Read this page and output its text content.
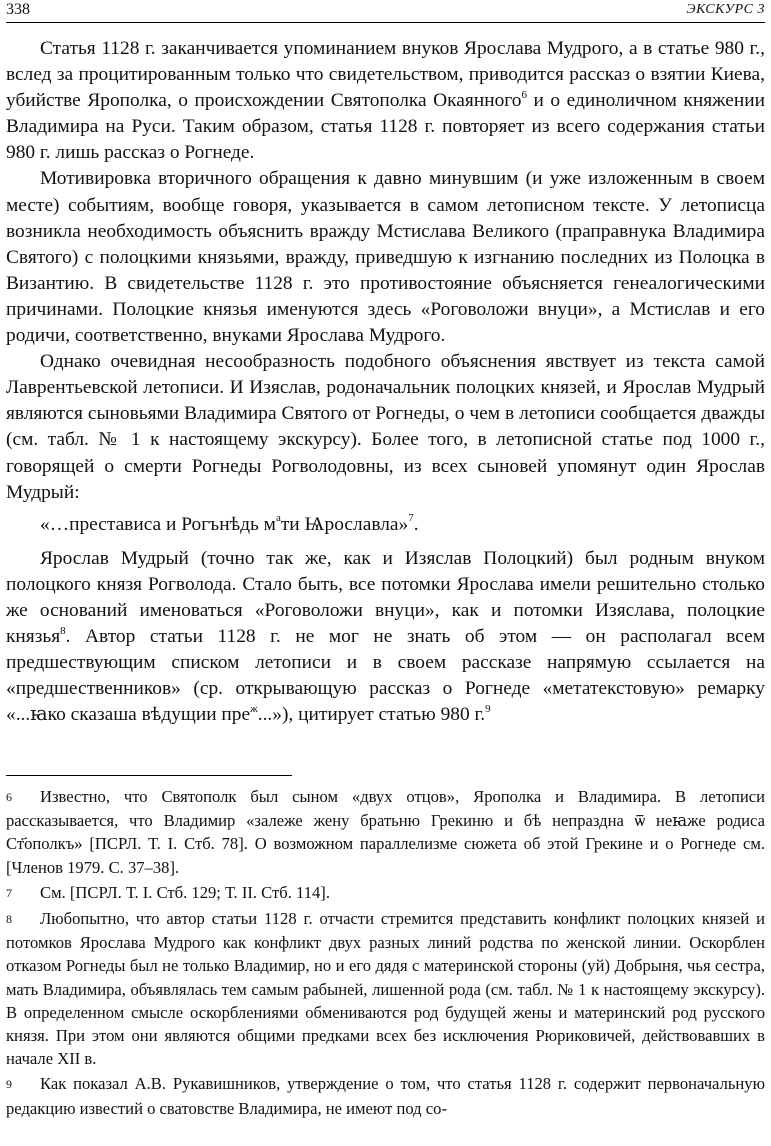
338	ЭКСКУРС 3

Статья 1128 г. заканчивается упоминанием внуков Ярослава Мудрого, а в статье 980 г., вслед за процитированным только что свидетельством, приводится рассказ о взятии Киева, убийстве Ярополка, о происхождении Святополка Окаянного$^6$ и о единоличном княжении Владимира на Руси. Таким образом, статья 1128 г. повторяет из всего содержания статьи 980 г. лишь рассказ о Рогнеде.

Мотивировка вторичного обращения к давно минувшим (и уже изложенным в своем месте) событиям, вообще говоря, указывается в самом летописном тексте. У летописца возникла необходимость объяснить вражду Мстислава Великого (праправнука Владимира Святого) с полоцкими князьями, вражду, приведшую к изгнанию последних из Полоцка в Византию. В свидетельстве 1128 г. это противостояние объясняется генеалогическими причинами. Полоцкие князья именуются здесь «Роговоложи внуци», а Мстислав и его родичи, соответственно, внуками Ярослава Мудрого.

Однако очевидная несообразность подобного объяснения явствует из текста самой Лаврентьевской летописи. И Изяслав, родоначальник полоцких князей, и Ярослав Мудрый являются сыновьями Владимира Святого от Рогнеды, о чем в летописи сообщается дважды (см. табл. № 1 к настоящему экскурсу). Более того, в летописной статье под 1000 г., говорящей о смерти Рогнеды Рогволодовны, из всех сыновей упомянут один Ярослав Мудрый:

«…престависа и Рогънѣдь $м^ати$ Ѩрославла»$^7$.

Ярослав Мудрый (точно так же, как и Изяслав Полоцкий) был родным внуком полоцкого князя Рогволода. Стало быть, все потомки Ярослава имели решительно столько же оснований именоваться «Роговоложи внуци», как и потомки Изяслава, полоцкие князья$^8$. Автор статьи 1128 г. не мог не знать об этом — он располагал всем предшествующим списком летописи и в своем рассказе напрямую ссылается на «предшественников» (ср. открывающую рассказ о Рогнеде «метатекстовую» ремарку «...ꙗко сказаша вѣдущии пре$^ж$...»), цитирует статью 980 г.$^9$

6 Известно, что Святополк был сыном «двух отцов», Ярополка и Владимира. В летописи рассказывается, что Владимир «залеже жену братьню Грекиню и бѣ непраздна ѿ неꙗже родиса Ст҃ополкъ» [ПСРЛ. Т. I. Стб. 78]. О возможном параллелизме сюжета об этой Грекине и о Рогнеде см. [Членов 1979. С. 37–38].

7 См. [ПСРЛ. Т. I. Стб. 129; Т. II. Стб. 114].

8 Любопытно, что автор статьи 1128 г. отчасти стремится представить конфликт полоцких князей и потомков Ярослава Мудрого как конфликт двух разных линий родства по женской линии. Оскорблен отказом Рогнеды был не только Владимир, но и его дядя с материнской стороны (уй) Добрыня, чья сестра, мать Владимира, объявлялась тем самым рабыней, лишенной рода (см. табл. № 1 к настоящему экскурсу). В определенном смысле оскорблениями обмениваются род будущей жены и материнский род русского князя. При этом они являются общими предками всех без исключения Рюриковичей, действовавших в начале XII в.

9 Как показал А.В. Рукавишников, утверждение о том, что статья 1128 г. содержит первоначальную редакцию известий о сватовстве Владимира, не имеют под со-
